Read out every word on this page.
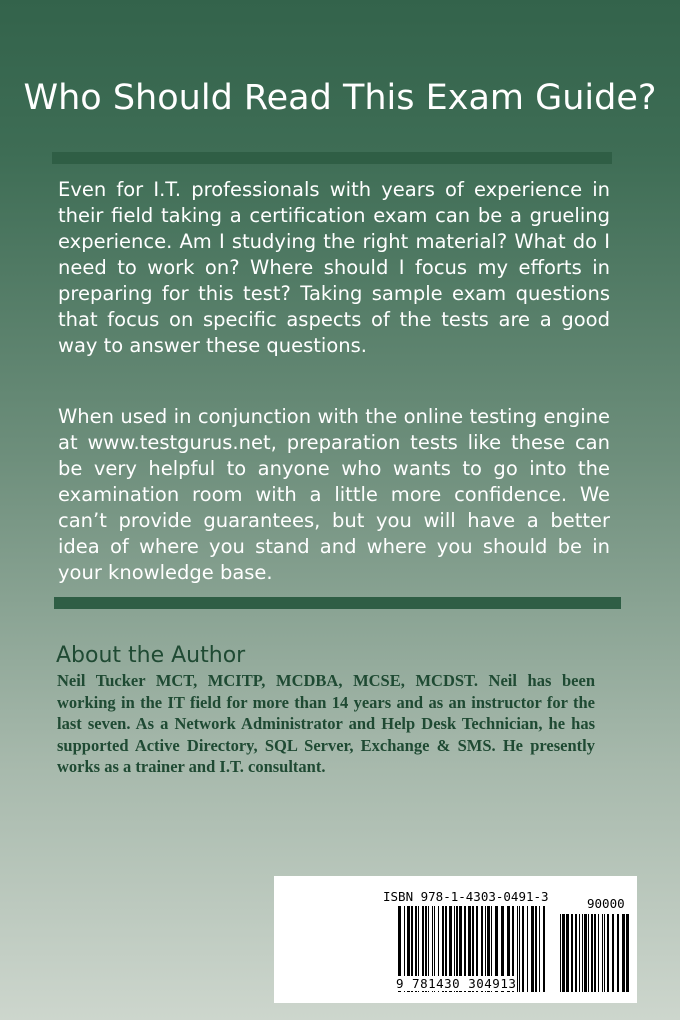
Who Should Read This Exam Guide?
Even for I.T. professionals with years of experience in their field taking a certification exam can be a grueling experience. Am I studying the right material? What do I need to work on? Where should I focus my efforts in preparing for this test? Taking sample exam questions that focus on specific aspects of the tests are a good way to answer these questions.
When used in conjunction with the online testing engine at www.testgurus.net, preparation tests like these can be very helpful to anyone who wants to go into the examination room with a little more confidence. We can’t provide guarantees, but you will have a better idea of where you stand and where you should be in your knowledge base.
About the Author
Neil Tucker MCT, MCITP, MCDBA, MCSE, MCDST. Neil has been working in the IT field for more than 14 years and as an instructor for the last seven. As a Network Administrator and Help Desk Technician, he has supported Active Directory, SQL Server, Exchange & SMS. He presently works as a trainer and I.T. consultant.
ISBN 978-1-4303-0491-3	90000
9 781430 304913
